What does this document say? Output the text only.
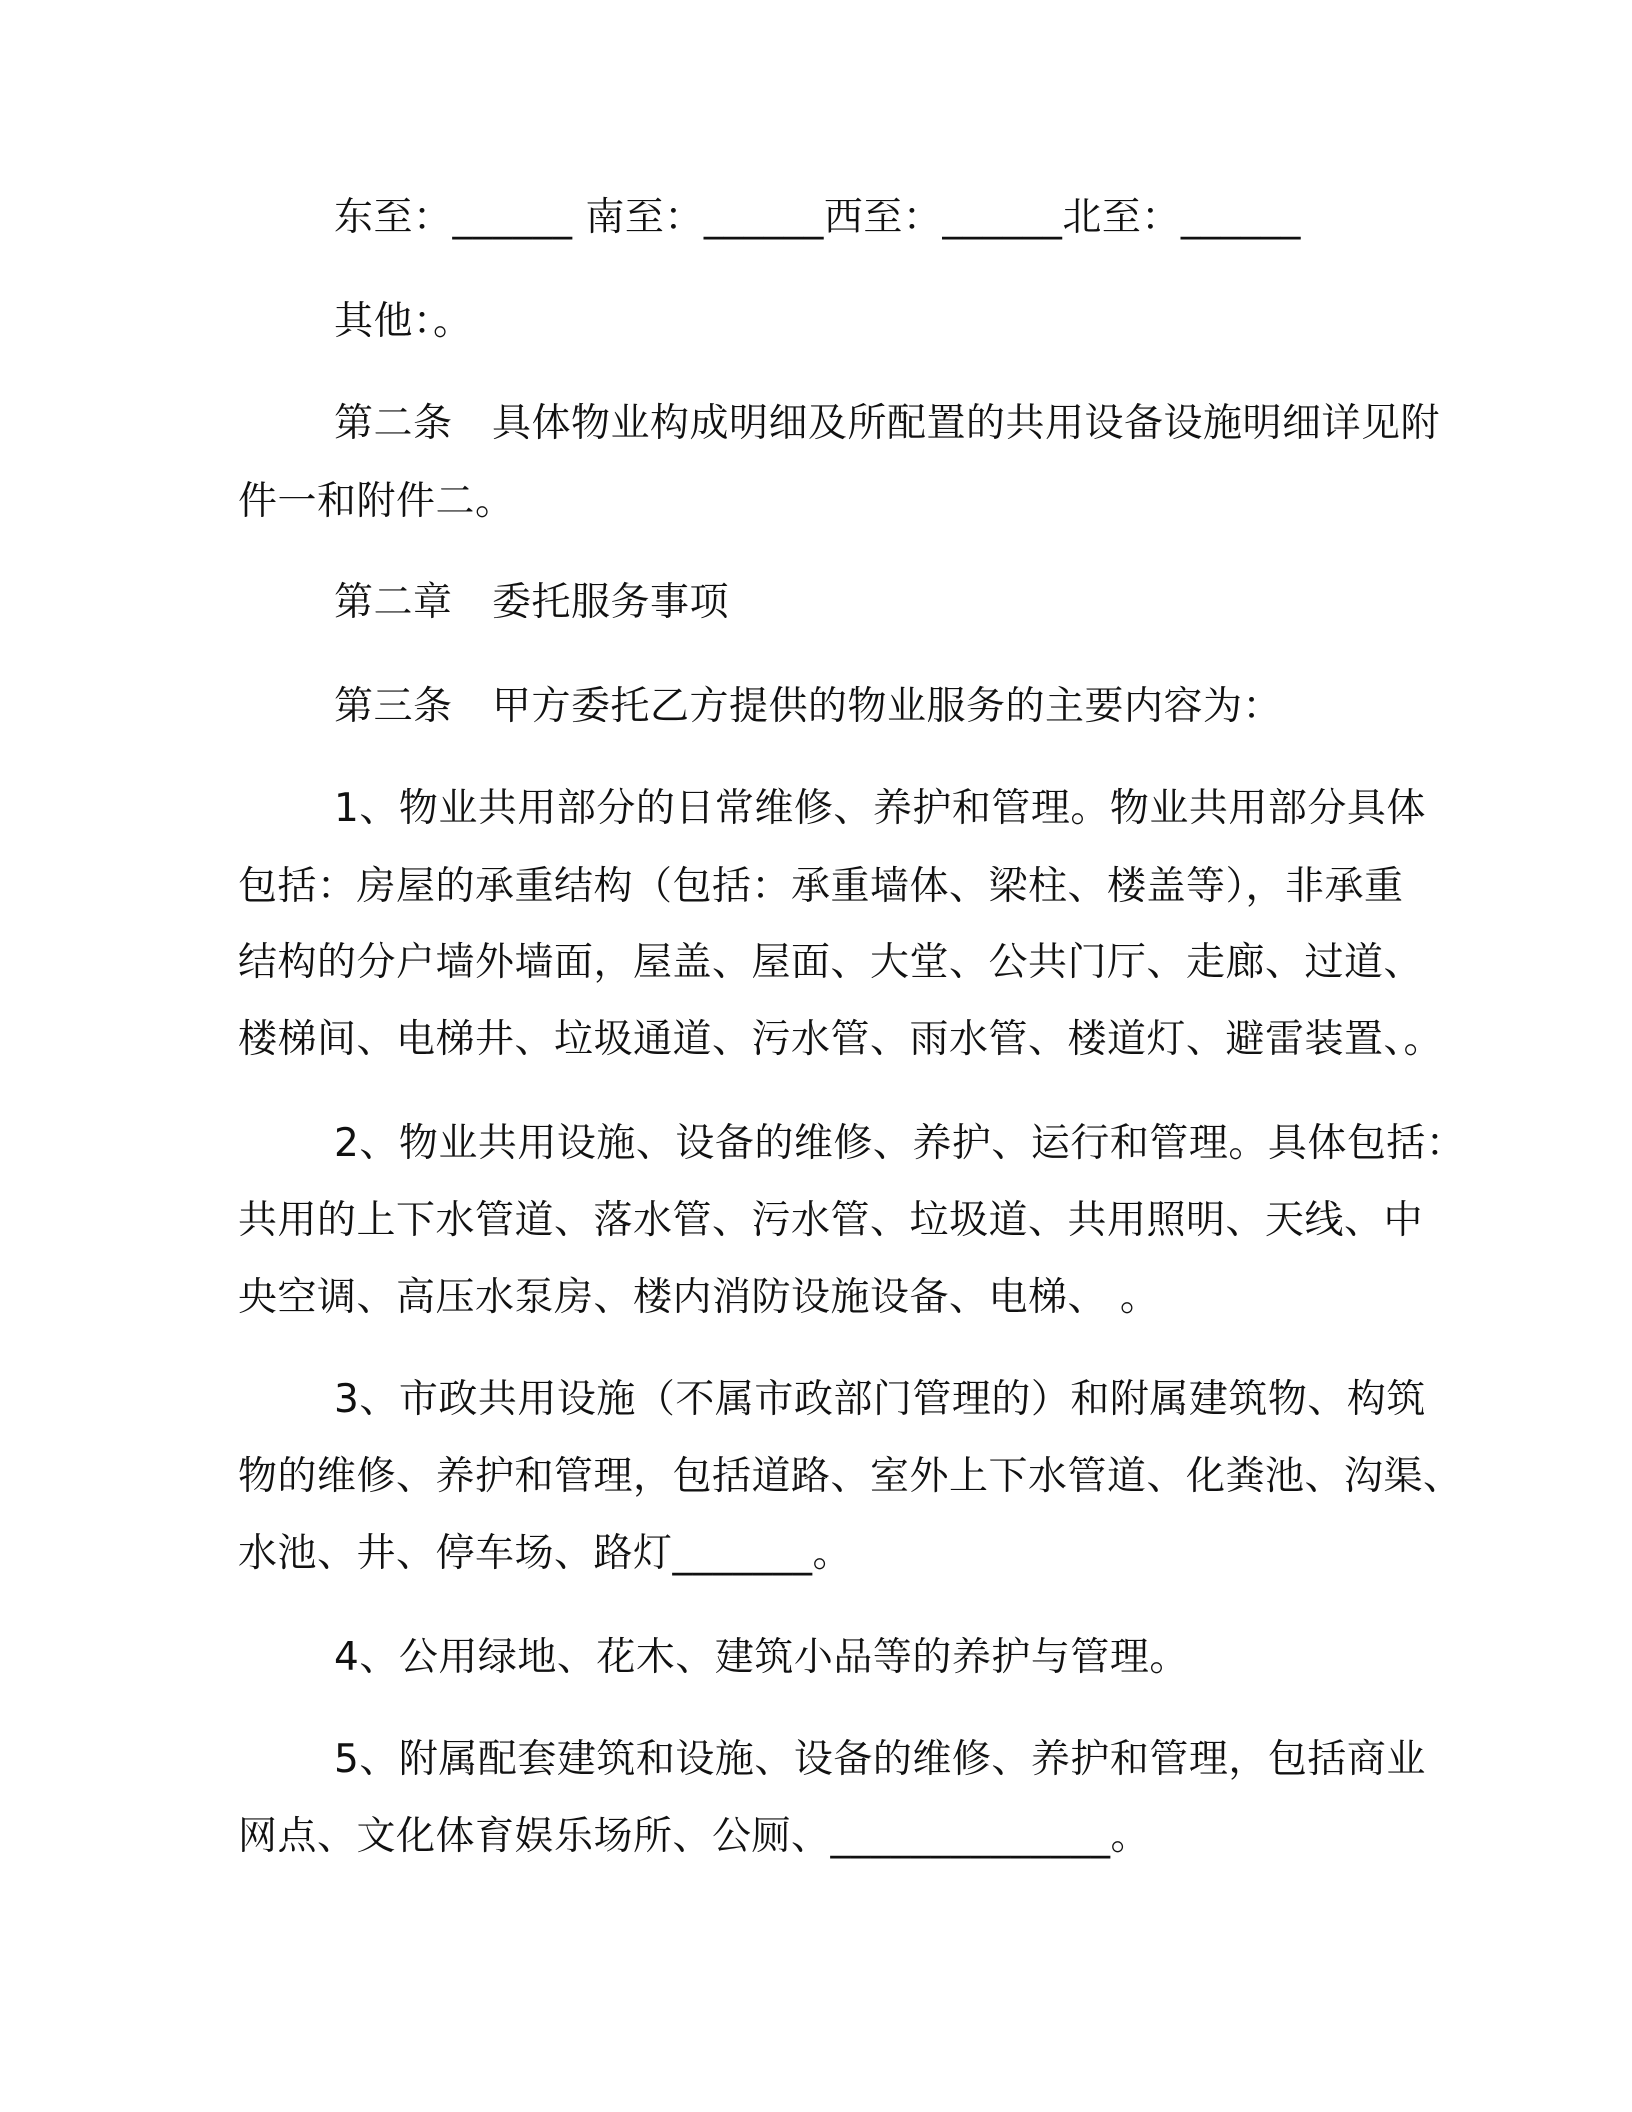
东至：______ 南至：______西至：______北至：______
其他：。
第二条　具体物业构成明细及所配置的共用设备设施明细详见附
件一和附件二。
第二章　委托服务事项
第三条　甲方委托乙方提供的物业服务的主要内容为：
1、物业共用部分的日常维修、养护和管理。物业共用部分具体
包括：房屋的承重结构（包括：承重墙体、梁柱、楼盖等），非承重
结构的分户墙外墙面，屋盖、屋面、大堂、公共门厅、走廊、过道、
楼梯间、电梯井、垃圾通道、污水管、雨水管、楼道灯、避雷装置、。
2、物业共用设施、设备的维修、养护、运行和管理。具体包括：
共用的上下水管道、落水管、污水管、垃圾道、共用照明、天线、中
央空调、高压水泵房、楼内消防设施设备、电梯、 。
3、市政共用设施（不属市政部门管理的）和附属建筑物、构筑
物的维修、养护和管理，包括道路、室外上下水管道、化粪池、沟渠、
水池、井、停车场、路灯_______。
4、公用绿地、花木、建筑小品等的养护与管理。
5、附属配套建筑和设施、设备的维修、养护和管理，包括商业
网点、文化体育娱乐场所、公厕、______________。
